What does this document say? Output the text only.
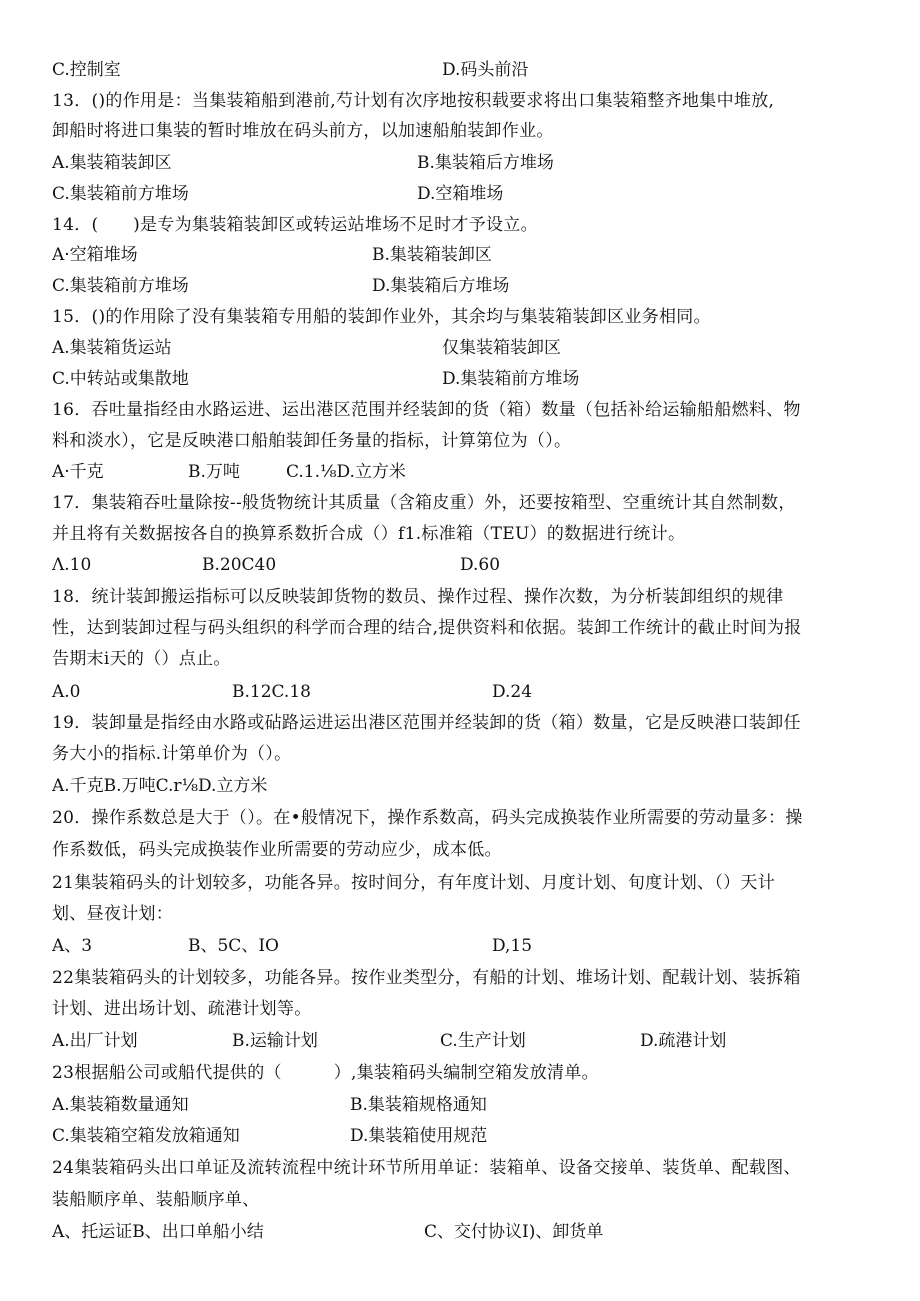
C.控制室	D.码头前沿
13．()的作用是：当集装箱船到港前,芍计划有次序地按积载要求将出口集装箱整齐地集中堆放,
卸船时将进口集装的暂时堆放在码头前方，以加速船舶装卸作业。
A.集装箱装卸区	B.集装箱后方堆场
C.集装箱前方堆场	D.空箱堆场
14．(　　)是专为集装箱装卸区或转运站堆场不足时才予设立。
A·空箱堆场	B.集装箱装卸区
C.集装箱前方堆场	D.集装箱后方堆场
15．()的作用除了没有集装箱专用船的装卸作业外，其余均与集装箱装卸区业务相同。
A.集装箱货运站	仅集装箱装卸区
C.中转站或集散地	D.集装箱前方堆场
16．吞吐量指经由水路运进、运出港区范围并经装卸的货（箱）数量（包括补给运输船船燃料、物
料和淡水），它是反映港口船舶装卸任务量的指标，计算第位为（）。
A·千克	B.万吨	C.1.⅛D.立方米
17．集装箱吞吐量除按--般货物统计其质量（含箱皮重）外，还要按箱型、空重统计其自然制数，
并且将有关数据按各自的换算系数折合成（）f1.标准箱（TEU）的数据进行统计。
Λ.10	B.20C40	D.60
18．统计装卸搬运指标可以反映装卸货物的数员、操作过程、操作次数，为分析装卸组织的规律
性，达到装卸过程与码头组织的科学而合理的结合,提供资料和依据。装卸工作统计的截止时间为报
告期末i天的（）点止。
A.0	B.12C.18	D.24
19．装卸量是指经由水路或砧路运进运出港区范围并经装卸的货（箱）数量，它是反映港口装卸任
务大小的指标.计第单价为（）。
A.千克B.万吨C.r⅛D.立方米
20．操作系数总是大于（）。在•般情况下，操作系数高，码头完成换装作业所需要的劳动量多：操
作系数低，码头完成换装作业所需要的劳动应少，成本低。
21集装箱码头的计划较多，功能各异。按时间分，有年度计划、月度计划、旬度计划、（）天计
划、昼夜计划：
A、3	B、5C、IO	D,15
22集装箱码头的计划较多，功能各异。按作业类型分，有船的计划、堆场计划、配载计划、装拆箱
计划、进出场计划、疏港计划等。
A.出厂计划	B.运输计划	C.生产计划	D.疏港计划
23根据船公司或船代提供的（　　　）,集装箱码头编制空箱发放清单。
A.集装箱数量通知	B.集装箱规格通知
C.集装箱空箱发放箱通知	D.集装箱使用规范
24集装箱码头出口单证及流转流程中统计环节所用单证：装箱单、设备交接单、装货单、配载图、
装船顺序单、装船顺序单、
A、托运证B、出口单船小结	C、交付协议I)、卸货单
